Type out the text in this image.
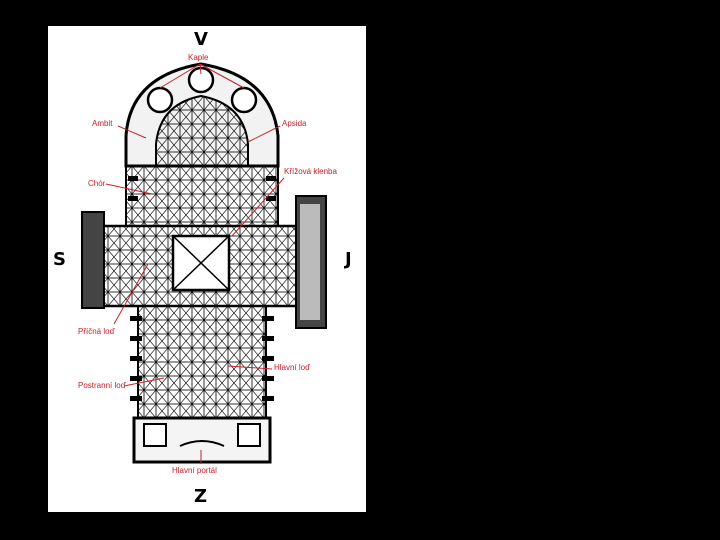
V
Z
Kaple
Ambit	Apsida
Chór
Křížová klenba
Příčná loď
Hlavní loď
Postranní loď
Hlavní portál
S	J
